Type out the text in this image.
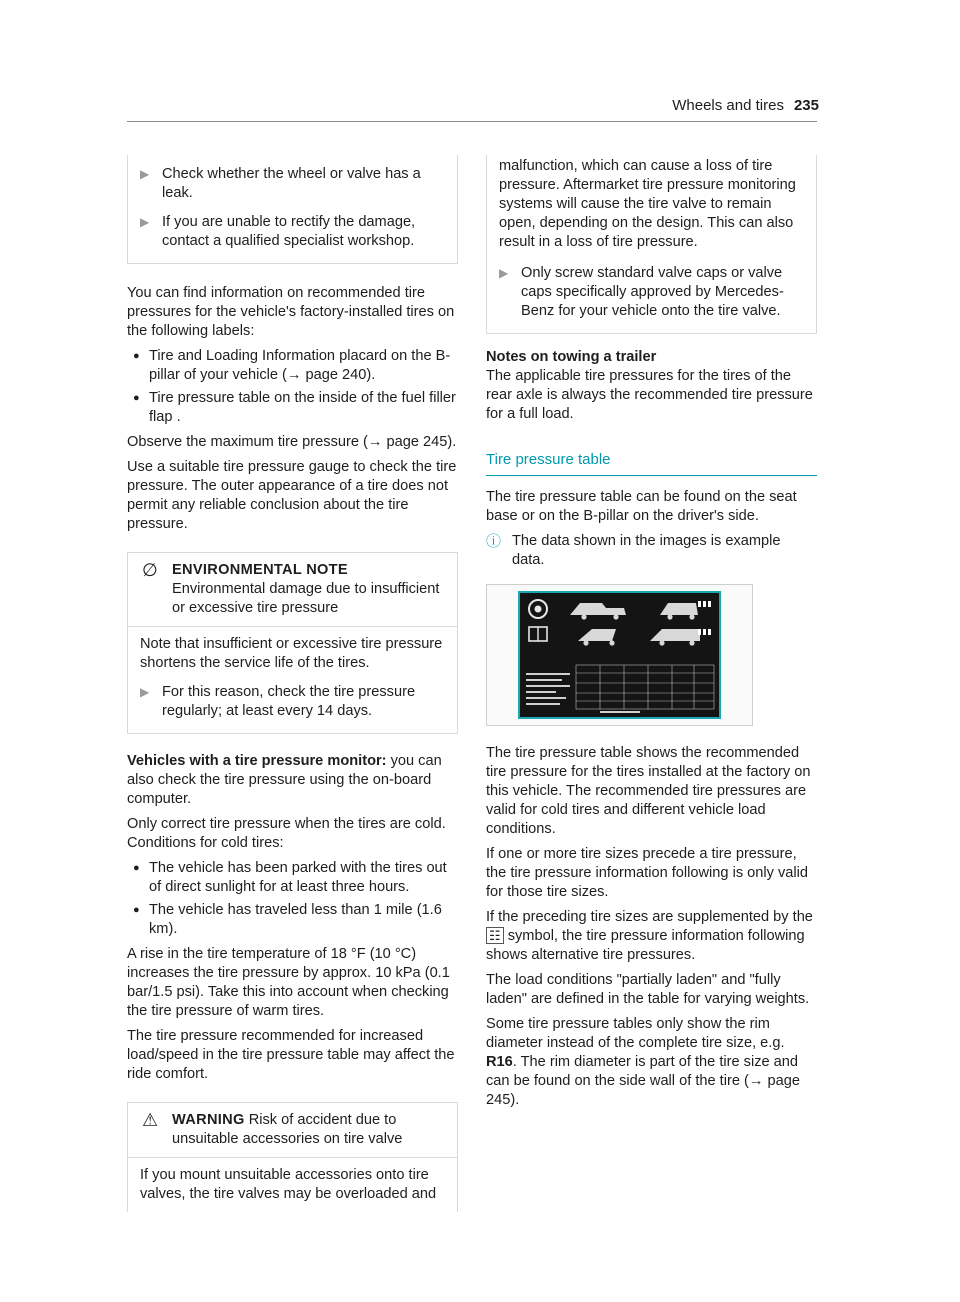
Wheels and tires 235
▶ Check whether the wheel or valve has a leak.
▶ If you are unable to rectify the damage, contact a qualified specialist workshop.

You can find information on recommended tire pressures for the vehicle's factory-installed tires on the following labels:

● Tire and Loading Information placard on the B-pillar of your vehicle (→ page 240).
● Tire pressure table on the inside of the fuel filler flap .

Observe the maximum tire pressure (→ page 245).

Use a suitable tire pressure gauge to check the tire pressure. The outer appearance of a tire does not permit any reliable conclusion about the tire pressure.

∅ ENVIRONMENTAL NOTE Environmental damage due to insufficient or excessive tire pressure

Note that insufficient or excessive tire pressure shortens the service life of the tires.

▶ For this reason, check the tire pressure regularly; at least every 14 days.

Vehicles with a tire pressure monitor: you can also check the tire pressure using the on-board computer.

Only correct tire pressure when the tires are cold. Conditions for cold tires:

● The vehicle has been parked with the tires out of direct sunlight for at least three hours.
● The vehicle has traveled less than 1 mile (1.6 km).

A rise in the tire temperature of 18 °F (10 °C) increases the tire pressure by approx. 10 kPa (0.1 bar/1.5 psi). Take this into account when checking the tire pressure of warm tires.

The tire pressure recommended for increased load/speed in the tire pressure table may affect the ride comfort.

⚠ WARNING Risk of accident due to unsuitable accessories on tire valve

If you mount unsuitable accessories onto tire valves, the tire valves may be overloaded and

malfunction, which can cause a loss of tire pressure. Aftermarket tire pressure monitoring systems will cause the tire valve to remain open, depending on the design. This can also result in a loss of tire pressure.

▶ Only screw standard valve caps or valve caps specifically approved by Mercedes-Benz for your vehicle onto the tire valve.

Notes on towing a trailer
The applicable tire pressures for the tires of the rear axle is always the recommended tire pressure for a full load.

Tire pressure table

The tire pressure table can be found on the seat base or on the B-pillar on the driver's side.

ⓘ The data shown in the images is example data.

The tire pressure table shows the recommended tire pressure for the tires installed at the factory on this vehicle. The recommended tire pressures are valid for cold tires and different vehicle load conditions.

If one or more tire sizes precede a tire pressure, the tire pressure information following is only valid for those tire sizes.

If the preceding tire sizes are supplemented by the ☷ symbol, the tire pressure information following shows alternative tire pressures.

The load conditions "partially laden" and "fully laden" are defined in the table for varying weights.

Some tire pressure tables only show the rim diameter instead of the complete tire size, e.g. R16. The rim diameter is part of the tire size and can be found on the side wall of the tire (→ page 245).
